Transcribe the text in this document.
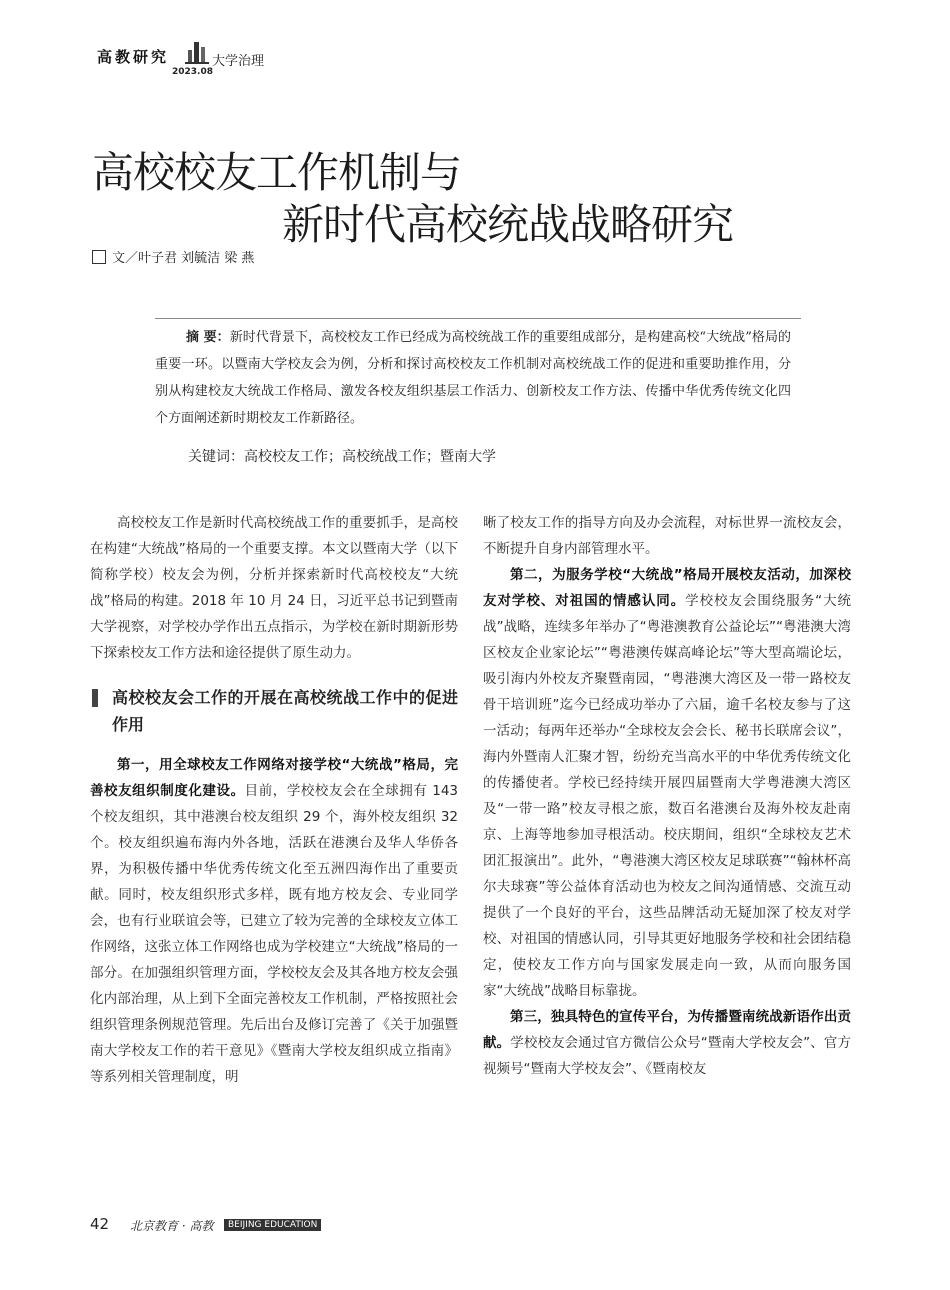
高教研究	大学治理
2023.08
高校校友工作机制与
新时代高校统战战略研究
文／叶子君 刘毓洁 梁 燕
摘 要：新时代背景下，高校校友工作已经成为高校统战工作的重要组成部分，是构建高校“大统战”格局的重要一环。以暨南大学校友会为例，分析和探讨高校校友工作机制对高校统战工作的促进和重要助推作用，分别从构建校友大统战工作格局、激发各校友组织基层工作活力、创新校友工作方法、传播中华优秀传统文化四个方面阐述新时期校友工作新路径。
关键词：高校校友工作；高校统战工作；暨南大学

高校校友工作是新时代高校统战工作的重要抓手，是高校在构建“大统战”格局的一个重要支撑。本文以暨南大学（以下简称学校）校友会为例，分析并探索新时代高校校友“大统战”格局的构建。2018 年 10 月 24 日，习近平总书记到暨南大学视察，对学校办学作出五点指示，为学校在新时期新形势下探索校友工作方法和途径提供了原生动力。

高校校友会工作的开展在高校统战工作中的促进作用

第一，用全球校友工作网络对接学校“大统战”格局，完善校友组织制度化建设。目前，学校校友会在全球拥有 143 个校友组织，其中港澳台校友组织 29 个，海外校友组织 32 个。校友组织遍布海内外各地，活跃在港澳台及华人华侨各界，为积极传播中华优秀传统文化至五洲四海作出了重要贡献。同时，校友组织形式多样，既有地方校友会、专业同学会，也有行业联谊会等，已建立了较为完善的全球校友立体工作网络，这张立体工作网络也成为学校建立“大统战”格局的一部分。在加强组织管理方面，学校校友会及其各地方校友会强化内部治理，从上到下全面完善校友工作机制，严格按照社会组织管理条例规范管理。先后出台及修订完善了《关于加强暨南大学校友工作的若干意见》《暨南大学校友组织成立指南》等系列相关管理制度，明

晰了校友工作的指导方向及办会流程，对标世界一流校友会，不断提升自身内部管理水平。

第二，为服务学校“大统战”格局开展校友活动，加深校友对学校、对祖国的情感认同。学校校友会围绕服务“大统战”战略，连续多年举办了“粤港澳教育公益论坛”“粤港澳大湾区校友企业家论坛”“粤港澳传媒高峰论坛”等大型高端论坛，吸引海内外校友齐聚暨南园，“粤港澳大湾区及一带一路校友骨干培训班”迄今已经成功举办了六届，逾千名校友参与了这一活动；每两年还举办“全球校友会会长、秘书长联席会议”，海内外暨南人汇聚才智，纷纷充当高水平的中华优秀传统文化的传播使者。学校已经持续开展四届暨南大学粤港澳大湾区及“一带一路”校友寻根之旅，数百名港澳台及海外校友赴南京、上海等地参加寻根活动。校庆期间，组织“全球校友艺术团汇报演出”。此外，“粤港澳大湾区校友足球联赛”“翰林杯高尔夫球赛”等公益体育活动也为校友之间沟通情感、交流互动提供了一个良好的平台，这些品牌活动无疑加深了校友对学校、对祖国的情感认同，引导其更好地服务学校和社会团结稳定，使校友工作方向与国家发展走向一致，从而向服务国家“大统战”战略目标靠拢。

第三，独具特色的宣传平台，为传播暨南统战新语作出贡献。学校校友会通过官方微信公众号“暨南大学校友会”、官方视频号“暨南大学校友会”、《暨南校友

42 北京教育 · 高教	BEIJING EDUCATION
